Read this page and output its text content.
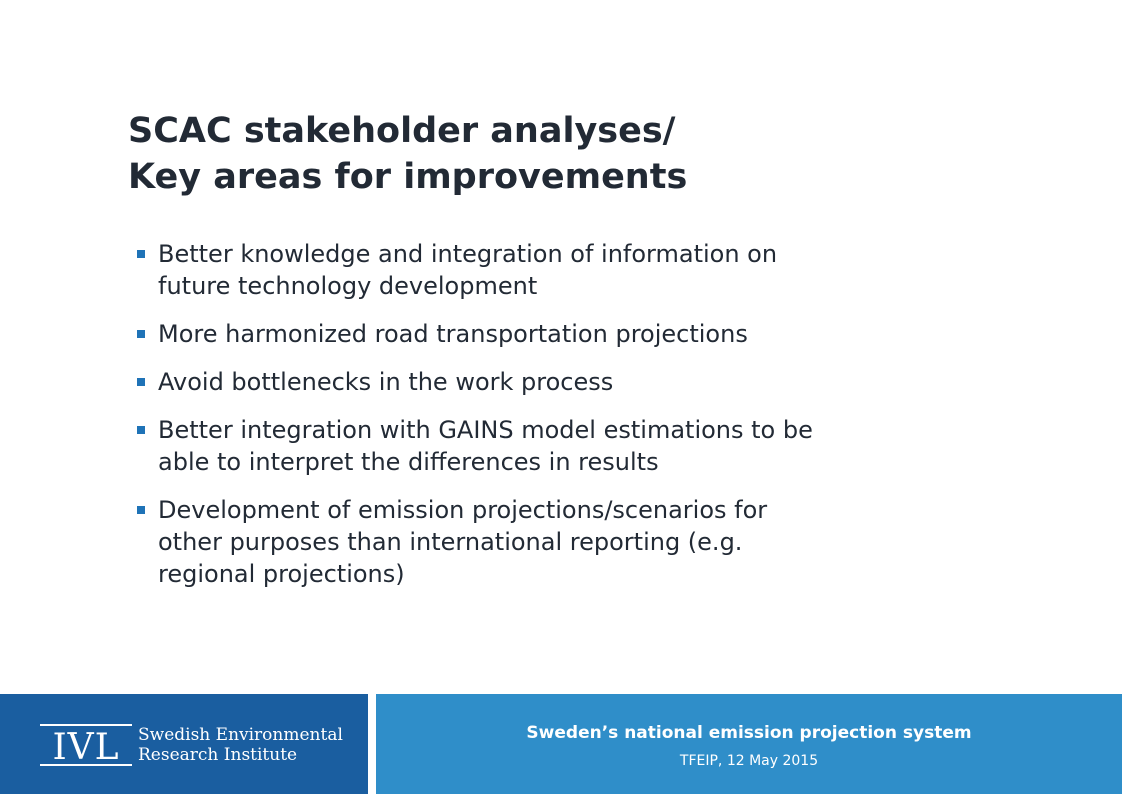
SCAC stakeholder analyses/
Key areas for improvements
Better knowledge and integration of information on
future technology development
More harmonized road transportation projections
Avoid bottlenecks in the work process
Better integration with GAINS model estimations to be
able to interpret the differences in results
Development of emission projections/scenarios for
other purposes than international reporting (e.g.
regional projections)
IVL Swedish Environmental
Research Institute
Sweden’s national emission projection system
TFEIP, 12 May 2015
